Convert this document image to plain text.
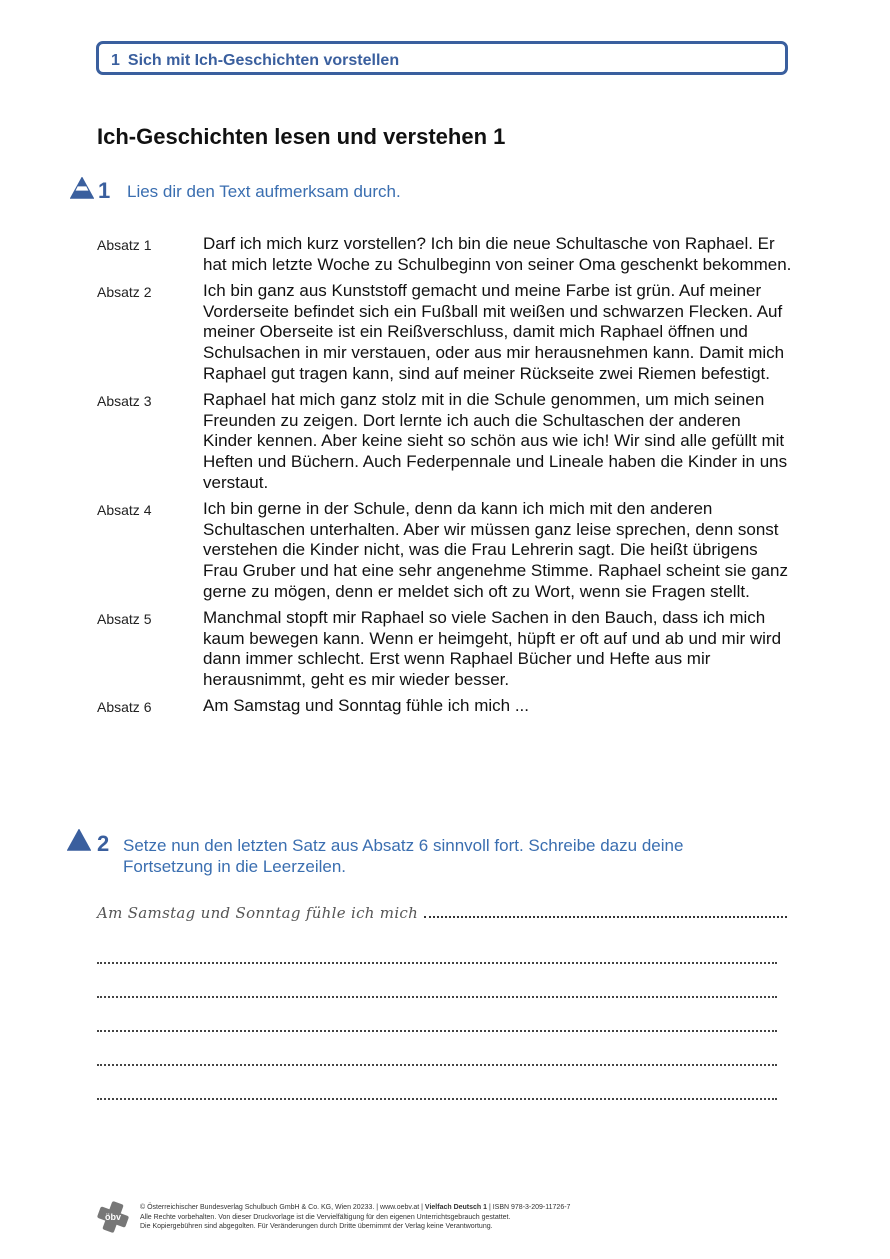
1 Sich mit Ich-Geschichten vorstellen
Ich-Geschichten lesen und verstehen 1
1 Lies dir den Text aufmerksam durch.
Absatz 1	Darf ich mich kurz vorstellen? Ich bin die neue Schultasche von Raphael. Er hat mich letzte Woche zu Schulbeginn von seiner Oma geschenkt bekommen.
Absatz 2	Ich bin ganz aus Kunststoff gemacht und meine Farbe ist grün. Auf meiner Vorderseite befindet sich ein Fußball mit weißen und schwarzen Flecken. Auf meiner Oberseite ist ein Reißverschluss, damit mich Raphael öffnen und Schulsachen in mir verstauen, oder aus mir herausnehmen kann. Damit mich Raphael gut tragen kann, sind auf meiner Rückseite zwei Riemen befestigt.
Absatz 3	Raphael hat mich ganz stolz mit in die Schule genommen, um mich seinen Freunden zu zeigen. Dort lernte ich auch die Schultaschen der anderen Kinder kennen. Aber keine sieht so schön aus wie ich! Wir sind alle gefüllt mit Heften und Büchern. Auch Federpennale und Lineale haben die Kinder in uns verstaut.
Absatz 4	Ich bin gerne in der Schule, denn da kann ich mich mit den anderen Schultaschen unterhalten. Aber wir müssen ganz leise sprechen, denn sonst verstehen die Kinder nicht, was die Frau Lehrerin sagt. Die heißt übrigens Frau Gruber und hat eine sehr angenehme Stimme. Raphael scheint sie ganz gerne zu mögen, denn er meldet sich oft zu Wort, wenn sie Fragen stellt.
Absatz 5	Manchmal stopft mir Raphael so viele Sachen in den Bauch, dass ich mich kaum bewegen kann. Wenn er heimgeht, hüpft er oft auf und ab und mir wird dann immer schlecht. Erst wenn Raphael Bücher und Hefte aus mir herausnimmt, geht es mir wieder besser.
Absatz 6	Am Samstag und Sonntag fühle ich mich ...
2 Setze nun den letzten Satz aus Absatz 6 sinnvoll fort. Schreibe dazu deine Fortsetzung in die Leerzeilen.
Am Samstag und Sonntag fühle ich mich
öbv
© Österreichischer Bundesverlag Schulbuch GmbH & Co. KG, Wien 20233. | www.oebv.at | Vielfach Deutsch 1 | ISBN 978-3-209-11726-7
Alle Rechte vorbehalten. Von dieser Druckvorlage ist die Vervielfältigung für den eigenen Unterrichtsgebrauch gestattet.
Die Kopiergebühren sind abgegolten. Für Veränderungen durch Dritte übernimmt der Verlag keine Verantwortung.
